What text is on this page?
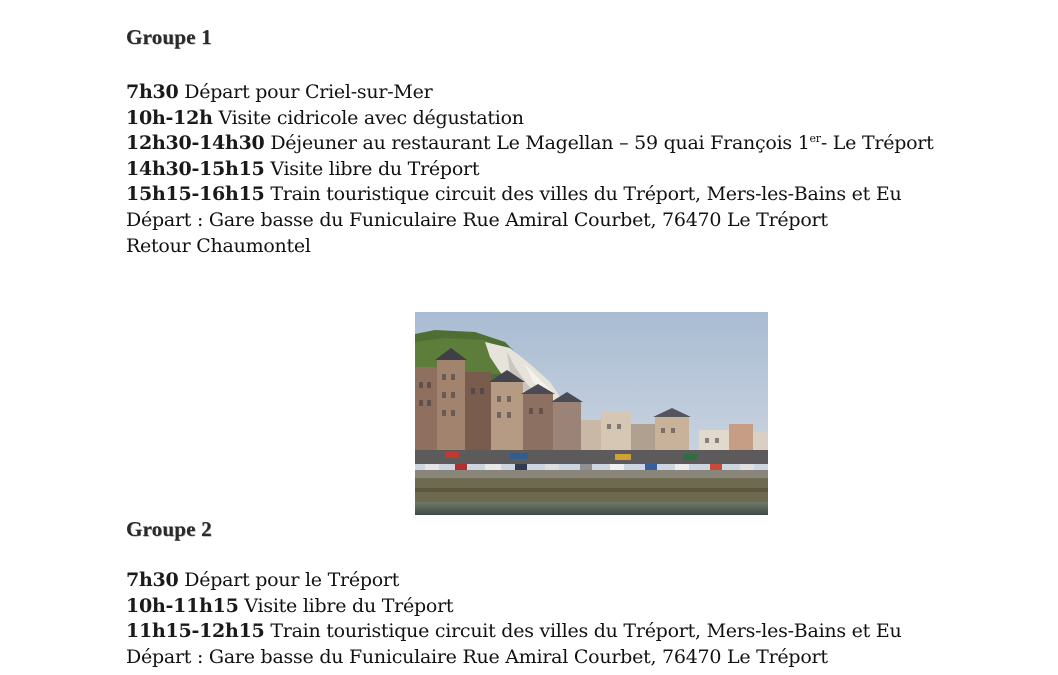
Groupe 1
7h30 Départ pour Criel-sur-Mer
10h-12h Visite cidricole avec dégustation
12h30-14h30 Déjeuner au restaurant Le Magellan – 59 quai François 1er- Le Tréport
14h30-15h15 Visite libre du Tréport
15h15-16h15 Train touristique circuit des villes du Tréport, Mers-les-Bains et Eu
Départ : Gare basse du Funiculaire Rue Amiral Courbet, 76470 Le Tréport
Retour Chaumontel
Groupe 2
7h30 Départ pour le Tréport
10h-11h15 Visite libre du Tréport
11h15-12h15 Train touristique circuit des villes du Tréport, Mers-les-Bains et Eu
Départ : Gare basse du Funiculaire Rue Amiral Courbet, 76470 Le Tréport
